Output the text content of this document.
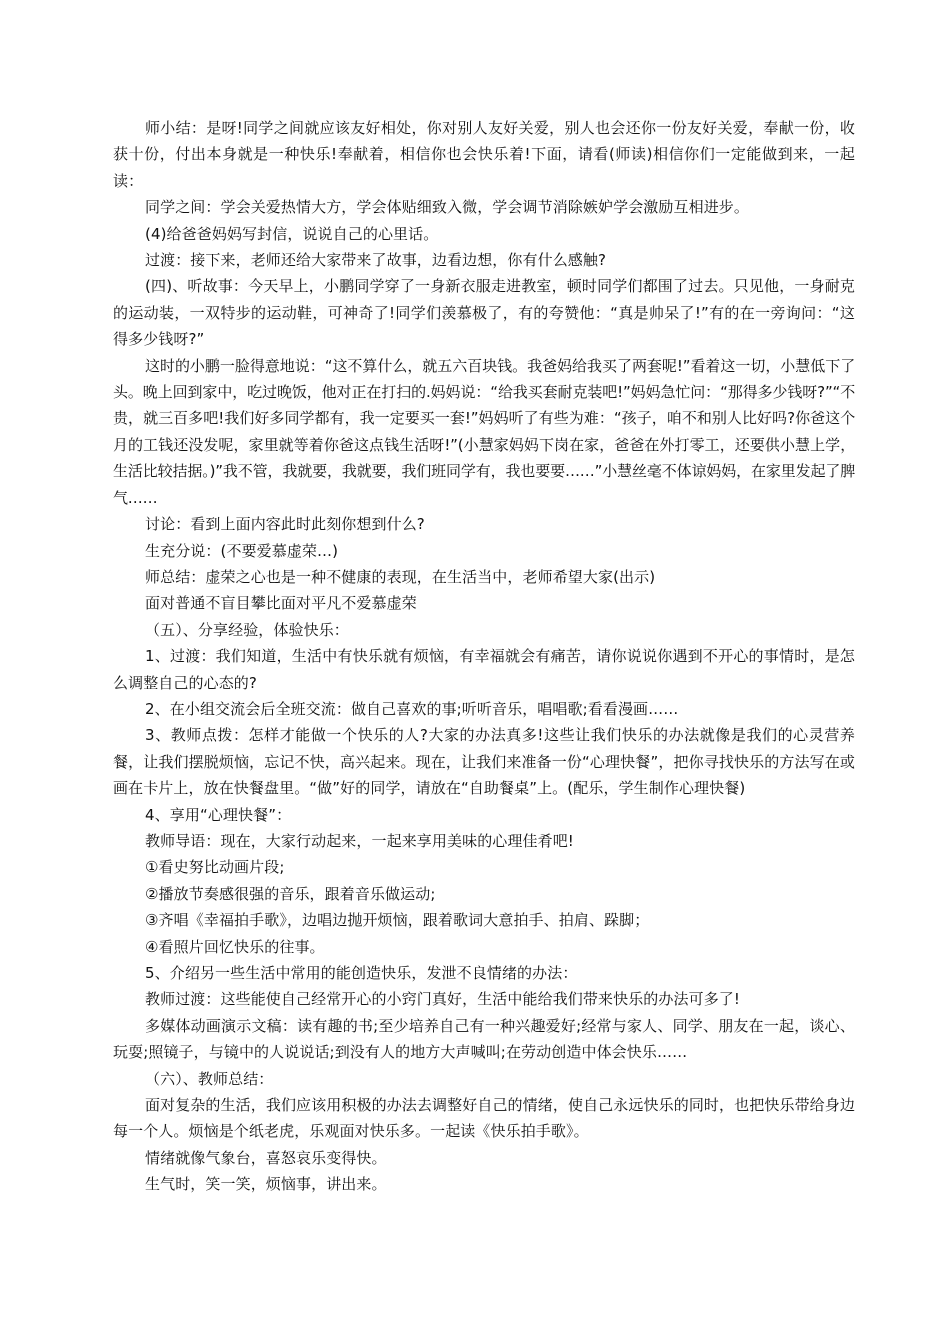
师小结：是呀!同学之间就应该友好相处，你对别人友好关爱，别人也会还你一份友好关爱，奉献一份，收获十份，付出本身就是一种快乐!奉献着，相信你也会快乐着!下面，请看(师读)相信你们一定能做到来，一起读：

同学之间：学会关爱热情大方，学会体贴细致入微，学会调节消除嫉妒学会激励互相进步。

(4)给爸爸妈妈写封信，说说自己的心里话。

过渡：接下来，老师还给大家带来了故事，边看边想，你有什么感触?

(四)、听故事：今天早上，小鹏同学穿了一身新衣服走进教室，顿时同学们都围了过去。只见他，一身耐克的运动装，一双特步的运动鞋，可神奇了!同学们羡慕极了，有的夸赞他：“真是帅呆了!”有的在一旁询问：“这得多少钱呀?”

这时的小鹏一脸得意地说：“这不算什么，就五六百块钱。我爸妈给我买了两套呢!”看着这一切，小慧低下了头。晚上回到家中，吃过晚饭，他对正在打扫的.妈妈说：“给我买套耐克装吧!”妈妈急忙问：“那得多少钱呀?”“不贵，就三百多吧!我们好多同学都有，我一定要买一套!”妈妈听了有些为难：“孩子，咱不和别人比好吗?你爸这个月的工钱还没发呢，家里就等着你爸这点钱生活呀!”(小慧家妈妈下岗在家，爸爸在外打零工，还要供小慧上学，生活比较拮据。)”我不管，我就要，我就要，我们班同学有，我也要要……”小慧丝毫不体谅妈妈，在家里发起了脾气……

讨论：看到上面内容此时此刻你想到什么?

生充分说：(不要爱慕虚荣…)

师总结：虚荣之心也是一种不健康的表现，在生活当中，老师希望大家(出示)

面对普通不盲目攀比面对平凡不爱慕虚荣

（五）、分享经验，体验快乐：

1、过渡：我们知道，生活中有快乐就有烦恼，有幸福就会有痛苦，请你说说你遇到不开心的事情时，是怎么调整自己的心态的?

2、在小组交流会后全班交流：做自己喜欢的事;听听音乐，唱唱歌;看看漫画……

3、教师点拨：怎样才能做一个快乐的人?大家的办法真多!这些让我们快乐的办法就像是我们的心灵营养餐，让我们摆脱烦恼，忘记不快，高兴起来。现在，让我们来准备一份“心理快餐”，把你寻找快乐的方法写在或画在卡片上，放在快餐盘里。“做”好的同学，请放在“自助餐桌”上。(配乐，学生制作心理快餐)

4、享用“心理快餐”：

教师导语：现在，大家行动起来，一起来享用美味的心理佳肴吧!

①看史努比动画片段;

②播放节奏感很强的音乐，跟着音乐做运动;

③齐唱《幸福拍手歌》，边唱边抛开烦恼，跟着歌词大意拍手、拍肩、跺脚；

④看照片回忆快乐的往事。

5、介绍另一些生活中常用的能创造快乐，发泄不良情绪的办法：

教师过渡：这些能使自己经常开心的小窍门真好，生活中能给我们带来快乐的办法可多了!

多媒体动画演示文稿：读有趣的书;至少培养自己有一种兴趣爱好;经常与家人、同学、朋友在一起，谈心、玩耍;照镜子，与镜中的人说说话;到没有人的地方大声喊叫;在劳动创造中体会快乐……

（六）、教师总结：

面对复杂的生活，我们应该用积极的办法去调整好自己的情绪，使自己永远快乐的同时，也把快乐带给身边每一个人。烦恼是个纸老虎，乐观面对快乐多。一起读《快乐拍手歌》。

情绪就像气象台，喜怒哀乐变得快。

生气时，笑一笑，烦恼事，讲出来。
